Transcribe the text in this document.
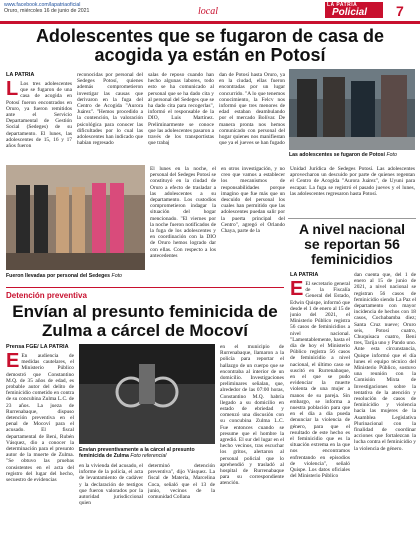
www.facebook.com/lapatriaoficial
Oruro, miércoles 16 de junio de 2021	local
LA PATRIA
Policial 7
Adolescentes que se fugaron de casa de acogida ya están en Potosí
LA PATRIA
L Los tres adolescentes que se fugaron de una casa de acogida en Potosí fueron encontrados en Oruro, ya fueron remitidos ante el Servicio Departamental de Gestión Social (Sedeges) de su departamento. El lunes, las adolescentes de 15, 16 y 17 años fueron
reconocidas por personal del Sedeges Potosí, quienes además comprometieron investigar las causas que derivaron en la fuga del Centro de Acogida "Aurora Juárez". "Hemos procedido a la contención, la valoración psicológica para conocer las dificultades por lo cual las adolescentes han indicado que habían regresado
salas de reposo cuando han hecho algunas labores, todo esto se ha comunicado al personal que se ha dado cita y al personal del Sedeges que se ha dado cita para recogerlas", informó el responsable de la DIO, Luis Martínez. Preliminarmente se conoce que las adolescentes pasaron a través de los transportistas que trabaj
dan de Potosí hasta Oruro, ya en la ciudad, ellas fueron encontradas por un lugar concurrido. "A lo que tenemos conocimiento, la Felcv nos informó que tres menores de edad estaban deambulando por el mercado Bolívar. De manera pronta nos hemos comunicado con personal del hogar quienes nos manifiestan que ya el jueves se han fugado
Las adolescentes se fugaron de Potosí Foto
Fueron llevadas por personal del Sedeges Foto
El lunes en la noche, el personal del Sedeges Potosí se constituyó en la ciudad de Oruro a efecto de trasladar a las adolescentes a su departamento. Los custodios comprometieron indagar la situación del hogar mencionado. "El viernes por la noche fueron notificados de la fuga de los adolescentes y en coordinación con la DIO de Oruro hemos logrado dar con ellas. Con respecto a los antecedentes
en otros investigación, y no creo que vamos a establecer los mecanismos de responsabilidades porque imagino que fue más que un descuido del personal los cuales han permitido que las adolescentes puedan salir por la puerta principal del Centro", agregó el Orlando Chaya, parte de la
Unidad Jurídica de Sedeges Potosí. Las adolescentes aprovecharon un descuido por parte de quienes regentan el Centro de Acogida "Aurora Juárez", de Uyuni para escapar. La fuga se registró el pasado jueves y el lunes, las adolescentes regresaron hasta Potosí.
A nivel nacional se reportan 56 feminicidios
LA PATRIA
E El secretario general de la Fiscalía General del Estado, Edwin Quispe, informó que desde el 1 de enero al 15 de junio del 2021, el Ministerio Público registra 56 casos de feminicidios a nivel nacional. "Lamentablemente, hasta el día de hoy el Ministerio Público registra 56 casos de feminicidio a nivel nacional, el último caso se suscitó en Rurrenabaque, en el que se pudo evidenciar la muerte violenta de una mujer a manos de su pareja. Sin embargo, se informa a nuestra población para que en el día a día pueda denunciar la violencia de género, para que el resultado de este hecho es el feminicidio que es la situación extrema en la que nos encontramos enfrentando en episodios de violencia", señaló Quispe. Los datos oficiales del Ministerio Público
dan cuenta que, del 1 de enero al 15 de junio de 2021, a nivel nacional se registran 56 casos de feminicidio siendo La Paz el departamento con mayor incidencia de hechos con 18 casos, Cochabamba diez; Santa Cruz nueve; Oruro seis, Potosí cuatro, Chuquisaca cuatro, Beni tres, Tarija uno y Pando uno. Ante esta circunstancia, Quispe informó que el día lunes el equipo técnico del Ministerio Público, sostuvo una reunión con la Comisión Mixta de Investigaciones sobre la tentativa de la atención y resolución de casos de feminicidio y violencia hacia las mujeres de la Asamblea Legislativa Plurinacional con la finalidad de coordinar acciones que fortalezcan la lucha contra el feminicidio y la violencia de género.
Detención preventiva
Envían al presunto feminicida de Zulma a cárcel de Mocoví
Prensa FGE/ LA PATRIA
E En audiencia de medidas cautelares, el Ministerio Público demostró que Constantino M.Q. de 35 años de edad, es probable autor del delito de feminicidio cometido en contra de su concubina Zulma L.C. de 23 años. La jueza de Rurrenabaque, dispuso detención preventiva en el penal de Mocoví para el acusado. El fiscal departamental de Beni, Rubén Vásquez, dio a conocer la determinación para el presunto autor de la muerte de Zulma. "Se obtuvo las pruebas consistentes en el acta del registro del lugar del hecho, secuestro de evidencias
Envían preventivamente a la cárcel al presunto feminicida de Zulma Foto referencial
en la vivienda del acusado, el informe de la policía, el acta de levantamiento de cadáver y la declaración de testigos que fueron valorados por la autoridad jurisdiccional quien
determinó detención preventiva", dijo Vásquez. La fiscal de Materia, Marcelina Coca, señaló que el 13 de junio, vecinos de la comunidad Collana
en el municipio de Rurrenabaque, llamaron a la policía para reportar el hallazgo de un cuerpo que se encontraba al interior de un domicilio. Investigaciones preliminares señalan, que, alrededor de las 07:00 horas, Constantino M.Q. habría llegado a su domicilio en estado de ebriedad y comenzó una discusión con su concubina Zulma L.C. Fue entonces cuando se presume que el hombre la agredió. El sur del lugar en el hecho vecinos, tras escuchar los gritos, alertaron al personal policial que lo aprehendió y trasladó al hospital de Rurrenabaque para su correspondiente atención.
